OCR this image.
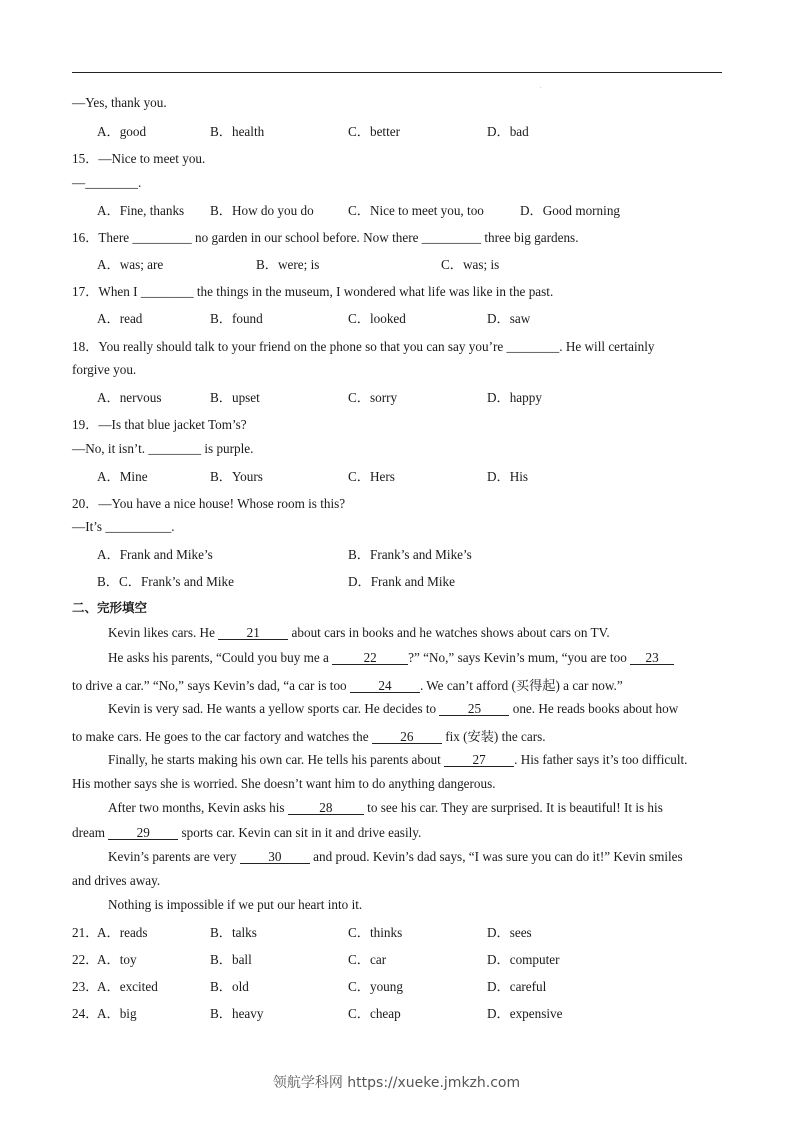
.
—Yes, thank you.
A．good	B．health	C．better	D．bad
15．—Nice to meet you.
—________.
A．Fine, thanks B．How do you do	C．Nice to meet you, too	D．Good morning
16．There _________ no garden in our school before. Now there _________ three big gardens.
A．was; are	B．were; is	C．was; is
17．When I ________ the things in the museum, I wondered what life was like in the past.
A．read	B．found	C．looked	D．saw
18．You really should talk to your friend on the phone so that you can say you’re ________. He will certainly
forgive you.
A．nervous	B．upset	C．sorry	D．happy
19．—Is that blue jacket Tom’s?
—No, it isn’t. ________ is purple.
A．Mine	B．Yours	C．Hers	D．His
20．—You have a nice house! Whose room is this?
—It’s __________.
A．Frank and Mike’s	B．Frank’s and Mike’s
B．C．Frank’s and Mike	D．Frank and Mike
二、完形填空
Kevin likes cars. He 21 about cars in books and he watches shows about cars on TV.
He asks his parents, “Could you buy me a 22 ?” “No,” says Kevin’s mum, “you are too 23
to drive a car.” “No,” says Kevin’s dad, “a car is too 24 . We can’t afford (买得起) a car now.”
Kevin is very sad. He wants a yellow sports car. He decides to 25 one. He reads books about how
to make cars. He goes to the car factory and watches the 26 fix (安装) the cars.
Finally, he starts making his own car. He tells his parents about 27 . His father says it’s too difficult.
His mother says she is worried. She doesn’t want him to do anything dangerous.
After two months, Kevin asks his 28 to see his car. They are surprised. It is beautiful! It is his
dream 29 sports car. Kevin can sit in it and drive easily.
Kevin’s parents are very 30 and proud. Kevin’s dad says, “I was sure you can do it!” Kevin smiles
and drives away.
Nothing is impossible if we put our heart into it.
21．
A．reads	B．talks	C．thinks	D．sees
22．
A．toy	B．ball	C．car	D．computer
23．
A．excited	B．old	C．young	D．careful
24．
A．big	B．heavy	C．cheap	D．expensive
领航学科网 https://xueke.jmkzh.com
